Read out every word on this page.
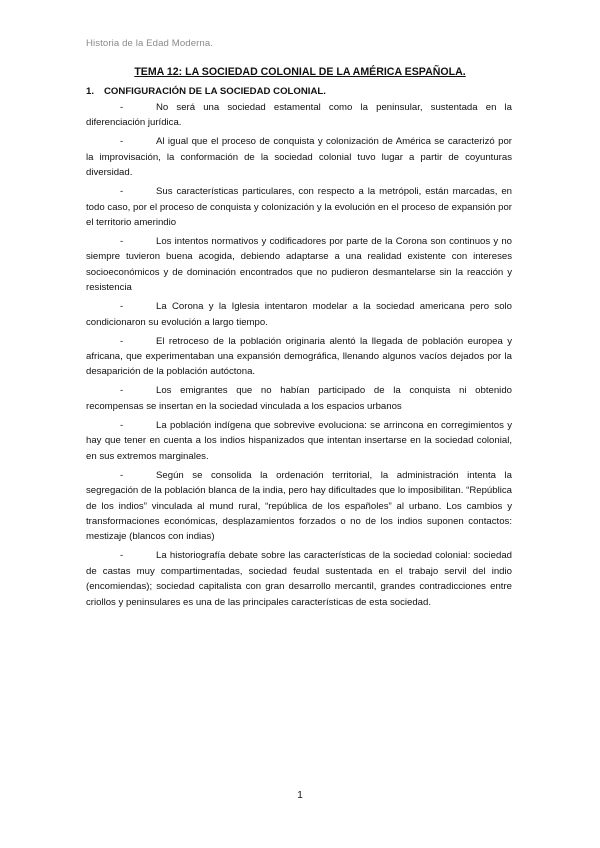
Historia de la Edad Moderna.
TEMA 12: LA SOCIEDAD COLONIAL DE LA AMÉRICA ESPAÑOLA.
1. CONFIGURACIÓN DE LA SOCIEDAD COLONIAL.

-	No será una sociedad estamental como la peninsular, sustentada en la diferenciación jurídica.

-	Al igual que el proceso de conquista y colonización de América se caracterizó por la improvisación, la conformación de la sociedad colonial tuvo lugar a partir de coyunturas diversidad.

-	Sus características particulares, con respecto a la metrópoli, están marcadas, en todo caso, por el proceso de conquista y colonización y la evolución en el proceso de expansión por el territorio amerindio

-	Los intentos normativos y codificadores por parte de la Corona son continuos y no siempre tuvieron buena acogida, debiendo adaptarse a una realidad existente con intereses socioeconómicos y de dominación encontrados que no pudieron desmantelarse sin la reacción y resistencia

-	La Corona y la Iglesia intentaron modelar a la sociedad americana pero solo condicionaron su evolución a largo tiempo.

-	El retroceso de la población originaria alentó la llegada de población europea y africana, que experimentaban una expansión demográfica, llenando algunos vacíos dejados por la desaparición de la población autóctona.

-	Los emigrantes que no habían participado de la conquista ni obtenido recompensas se insertan en la sociedad vinculada a los espacios urbanos

-	La población indígena que sobrevive evoluciona: se arrincona en corregimientos y hay que tener en cuenta a los indios hispanizados que intentan insertarse en la sociedad colonial, en sus extremos marginales.

-	Según se consolida la ordenación territorial, la administración intenta la segregación de la población blanca de la india, pero hay dificultades que lo imposibilitan. “República de los indios” vinculada al mund rural, “república de los españoles” al urbano. Los cambios y transformaciones económicas, desplazamientos forzados o no de los indios suponen contactos: mestizaje (blancos con indias)

-	La historiografía debate sobre las características de la sociedad colonial: sociedad de castas muy compartimentadas, sociedad feudal sustentada en el trabajo servil del indio (encomiendas); sociedad capitalista con gran desarrollo mercantil, grandes contradicciones entre criollos y peninsulares es una de las principales características de esta sociedad.

1
